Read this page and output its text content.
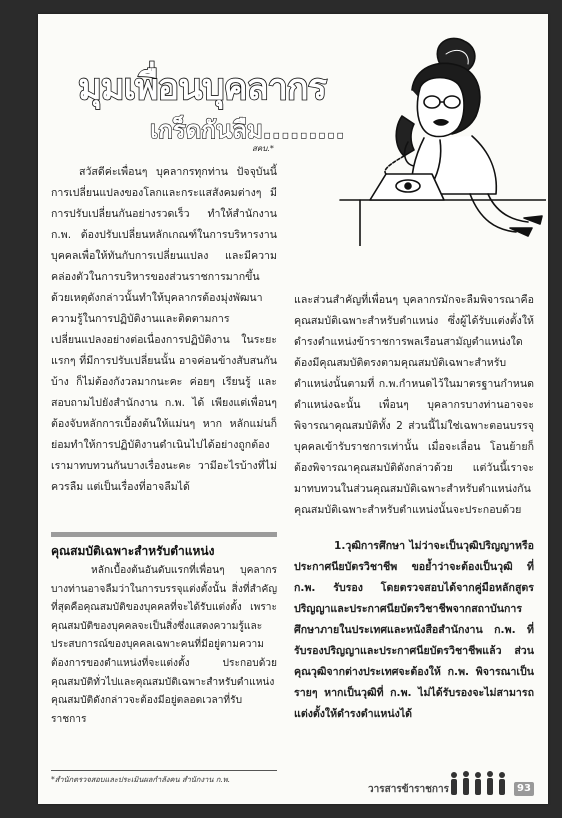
มุมเพื่อนบุคลากร
เกร็ดกันลืม.........
สคบ.*

สวัสดีค่ะเพื่อนๆ บุคลากรทุกท่าน ปัจจุบันนี้การเปลี่ยนแปลงของโลกและกระแสสังคมต่างๆ มีการปรับเปลี่ยนกันอย่างรวดเร็ว ทำให้สำนักงาน ก.พ. ต้องปรับเปลี่ยนหลักเกณฑ์ในการบริหารงานบุคคลเพื่อให้ทันกับการเปลี่ยนแปลง และมีความคล่องตัวในการบริหารของส่วนราชการมากขึ้น ด้วยเหตุดังกล่าวนั้นทำให้บุคลากรต้องมุ่งพัฒนาความรู้ในการปฏิบัติงานและติดตามการเปลี่ยนแปลงอย่างต่อเนื่องการปฏิบัติงาน ในระยะแรกๆ ที่มีการปรับเปลี่ยนนั้น อาจค่อนข้างสับสนกันบ้าง ก็ไม่ต้องกังวลมากนะคะ ค่อยๆ เรียนรู้ และสอบถามไปยังสำนักงาน ก.พ. ได้ เพียงแต่เพื่อนๆ ต้องจับหลักการเบื้องต้นให้แม่นๆ หาก หลักแม่นก็ย่อมทำให้การปฏิบัติงานดำเนินไปได้อย่างถูกต้อง เรามาทบทวนกันบางเรื่องนะคะ วามีอะไรบ้างที่ไม่ควรลืม แต่เป็นเรื่องที่อาจลืมได้

และส่วนสำคัญที่เพื่อนๆ บุคลากรมักจะลืมพิจารณาคือคุณสมบัติเฉพาะสำหรับตำแหน่ง ซึ่งผู้ได้รับแต่งตั้งให้ดำรงตำแหน่งข้าราชการพลเรือนสามัญตำแหน่งใดต้องมีคุณสมบัติตรงตามคุณสมบัติเฉพาะสำหรับตำแหน่งนั้นตามที่ ก.พ.กำหนดไว้ในมาตรฐานกำหนดตำแหน่งฉะนั้น เพื่อนๆ บุคลากรบางท่านอาจจะพิจารณาคุณสมบัติทั้ง 2 ส่วนนี้ไม่ใช่เฉพาะตอนบรรจุบุคคลเข้ารับราชการเท่านั้น เมื่อจะเลื่อน โอนย้ายก็ต้องพิจารณาคุณสมบัติดังกล่าวด้วย แต่วันนี้เราจะมาทบทวนในส่วนคุณสมบัติเฉพาะสำหรับตำแหน่งกัน คุณสมบัติเฉพาะสำหรับตำแหน่งนั้นจะประกอบด้วย

1.วุฒิการศึกษา ไม่ว่าจะเป็นวุฒิปริญญาหรือประกาศนียบัตรวิชาชีพ ขอย้ำว่าจะต้องเป็นวุฒิ ที่ ก.พ. รับรอง โดยตรวจสอบได้จากคู่มือหลักสูตรปริญญาและประกาศนียบัตรวิชาชีพจากสถาบันการศึกษาภายในประเทศและหนังสือสำนักงาน ก.พ. ที่รับรองปริญญาและประกาศนียบัตรวิชาชีพแล้ว ส่วนคุณวุฒิจากต่างประเทศจะต้องให้ ก.พ. พิจารณาเป็นรายๆ หากเป็นวุฒิที่ ก.พ. ไม่ได้รับรองจะไม่สามารถแต่งตั้งให้ดำรงตำแหน่งได้

คุณสมบัติเฉพาะสำหรับตำแหน่ง

หลักเบื้องต้นอันดับแรกที่เพื่อนๆ บุคลากรบางท่านอาจลืมว่าในการบรรจุแต่งตั้งนั้น สิ่งที่สำคัญที่สุดคือคุณสมบัติของบุคคลที่จะได้รับแต่งตั้ง เพราะคุณสมบัติของบุคคลจะเป็นสิ่งซึ่งแสดงความรู้และประสบการณ์ของบุคคลเฉพาะคนที่มีอยู่ตามความต้องการของตำแหน่งที่จะแต่งตั้ง ประกอบด้วยคุณสมบัติทั่วไปและคุณสมบัติเฉพาะสำหรับตำแหน่ง คุณสมบัติดังกล่าวจะต้องมีอยู่ตลอดเวลาที่รับราชการ

*สำนักตรวจสอบและประเมินผลกำลังคน สำนักงาน ก.พ.
วารสารข้าราชการ	93
